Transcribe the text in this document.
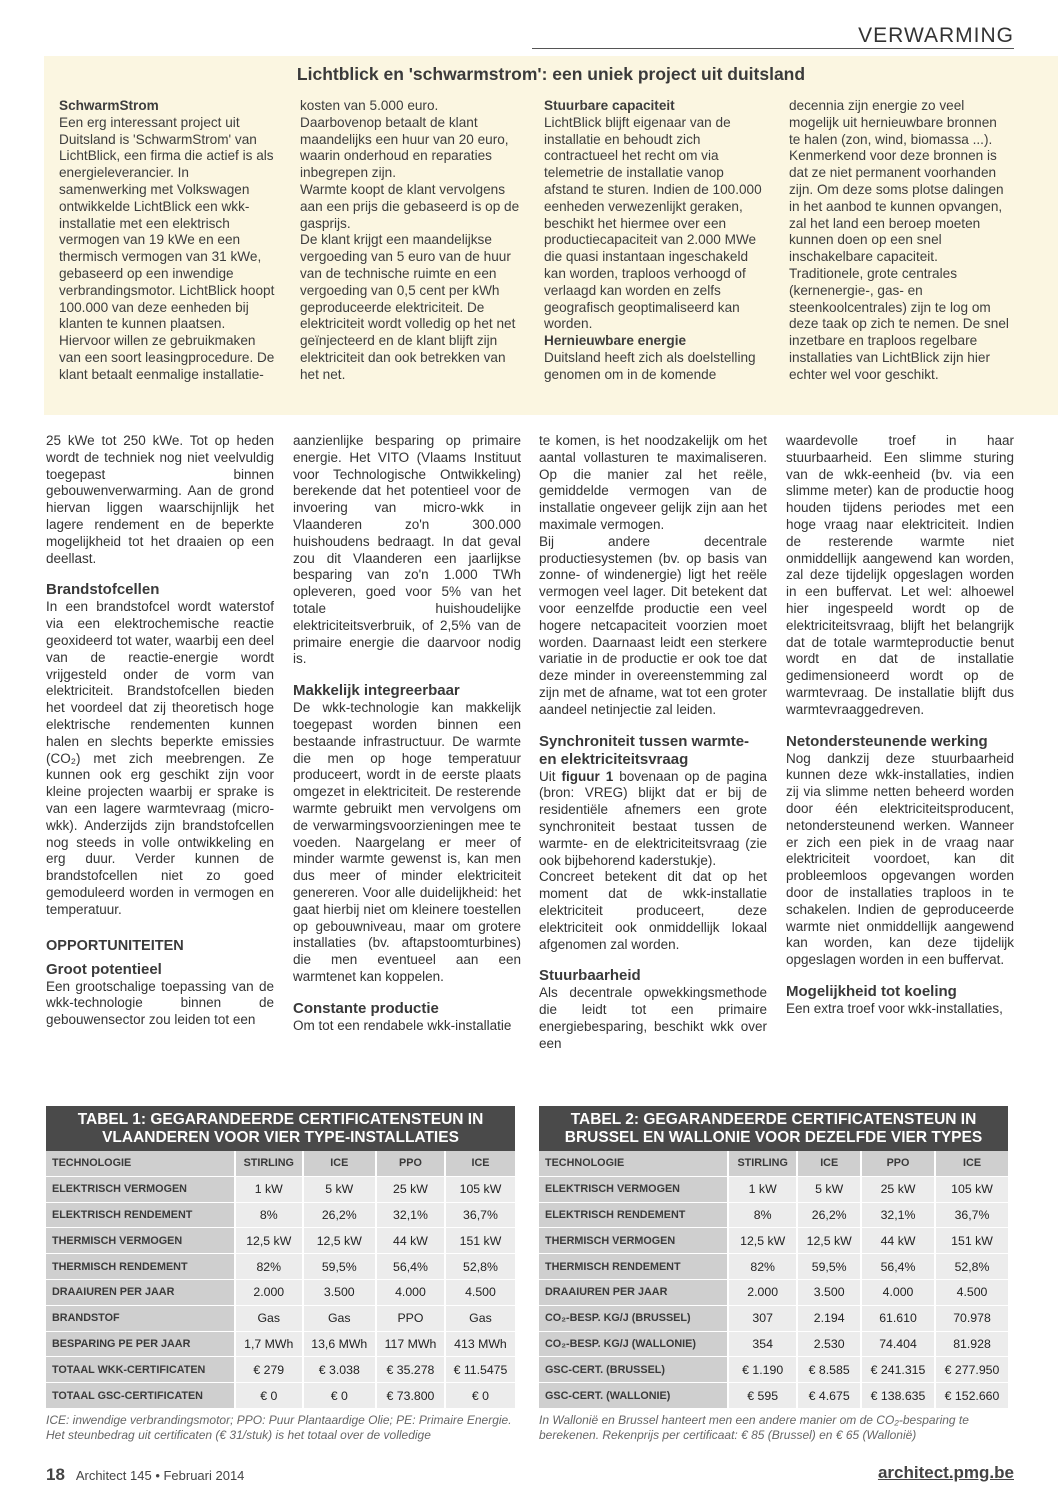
VERWARMING
Lichtblick en 'schwarmstrom': een uniek project uit duitsland

SchwarmStrom

Een erg interessant project uit Duitsland is 'SchwarmStrom' van LichtBlick, een firma die actief is als energieleverancier. In samenwerking met Volkswagen ontwikkelde LichtBlick een wkk-installatie met een elektrisch vermogen van 19 kWe en een thermisch vermogen van 31 kWe, gebaseerd op een inwendige verbrandingsmotor. LichtBlick hoopt 100.000 van deze eenheden bij klanten te kunnen plaatsen. Hiervoor willen ze gebruikmaken van een soort leasingprocedure. De klant betaalt eenmalige installatie-

kosten van 5.000 euro. Daarbovenop betaalt de klant maandelijks een huur van 20 euro, waarin onderhoud en reparaties inbegrepen zijn.

Warmte koopt de klant vervolgens aan een prijs die gebaseerd is op de gasprijs.

De klant krijgt een maandelijkse vergoeding van 5 euro van de huur van de technische ruimte en een vergoeding van 0,5 cent per kWh geproduceerde elektriciteit. De elektriciteit wordt volledig op het net geïnjecteerd en de klant blijft zijn elektriciteit dan ook betrekken van het net.

Stuurbare capaciteit

LichtBlick blijft eigenaar van de installatie en behoudt zich contractueel het recht om via telemetrie de installatie vanop afstand te sturen. Indien de 100.000 eenheden verwezenlijkt geraken, beschikt het hiermee over een productiecapaciteit van 2.000 MWe die quasi instantaan ingeschakeld kan worden, traploos verhoogd of verlaagd kan worden en zelfs geografisch geoptimaliseerd kan worden.

Hernieuwbare energie

Duitsland heeft zich als doelstelling genomen om in de komende

decennia zijn energie zo veel mogelijk uit hernieuwbare bronnen te halen (zon, wind, biomassa ...). Kenmerkend voor deze bronnen is dat ze niet permanent voorhanden zijn. Om deze soms plotse dalingen in het aanbod te kunnen opvangen, zal het land een beroep moeten kunnen doen op een snel inschakelbare capaciteit. Traditionele, grote centrales (kernenergie-, gas- en steenkoolcentrales) zijn te log om deze taak op zich te nemen. De snel inzetbare en traploos regelbare installaties van LichtBlick zijn hier echter wel voor geschikt.

25 kWe tot 250 kWe. Tot op heden wordt de techniek nog niet veelvuldig toegepast binnen gebouwenverwarming. Aan de grond hiervan liggen waarschijnlijk het lagere rendement en de beperkte mogelijkheid tot het draaien op een deellast.

Brandstofcellen

In een brandstofcel wordt waterstof via een elektrochemische reactie geoxideerd tot water, waarbij een deel van de reactie-energie wordt vrijgesteld onder de vorm van elektriciteit. Brandstofcellen bieden het voordeel dat zij theoretisch hoge elektrische rendementen kunnen halen en slechts beperkte emissies (CO₂) met zich meebrengen. Ze kunnen ook erg geschikt zijn voor kleine projecten waarbij er sprake is van een lagere warmtevraag (micro-wkk). Anderzijds zijn brandstofcellen nog steeds in volle ontwikkeling en erg duur. Verder kunnen de brandstofcellen niet zo goed gemoduleerd worden in vermogen en temperatuur.

OPPORTUNITEITEN
Groot potentieel

Een grootschalige toepassing van de wkk-technologie binnen de gebouwensector zou leiden tot een

aanzienlijke besparing op primaire energie. Het VITO (Vlaams Instituut voor Technologische Ontwikkeling) berekende dat het potentieel voor de invoering van micro-wkk in Vlaanderen zo'n 300.000 huishoudens bedraagt. In dat geval zou dit Vlaanderen een jaarlijkse besparing van zo'n 1.000 TWh opleveren, goed voor 5% van het totale huishoudelijke elektriciteitsverbruik, of 2,5% van de primaire energie die daarvoor nodig is.

Makkelijk integreerbaar

De wkk-technologie kan makkelijk toegepast worden binnen een bestaande infrastructuur. De warmte die men op hoge temperatuur produceert, wordt in de eerste plaats omgezet in elektriciteit. De resterende warmte gebruikt men vervolgens om de verwarmingsvoorzieningen mee te voeden. Naargelang er meer of minder warmte gewenst is, kan men dus meer of minder elektriciteit genereren. Voor alle duidelijkheid: het gaat hierbij niet om kleinere toestellen op gebouwniveau, maar om grotere installaties (bv. aftapstoomturbines) die men eventueel aan een warmtenet kan koppelen.

Constante productie

Om tot een rendabele wkk-installatie

te komen, is het noodzakelijk om het aantal vollasturen te maximaliseren. Op die manier zal het reële, gemiddelde vermogen van de installatie ongeveer gelijk zijn aan het maximale vermogen.

Bij andere decentrale productiesystemen (bv. op basis van zonne- of windenergie) ligt het reële vermogen veel lager. Dit betekent dat voor eenzelfde productie een veel hogere netcapaciteit voorzien moet worden. Daarnaast leidt een sterkere variatie in de productie er ook toe dat deze minder in overeenstemming zal zijn met de afname, wat tot een groter aandeel netinjectie zal leiden.

Synchroniteit tussen warmte- en elektriciteitsvraag

Uit figuur 1 bovenaan op de pagina (bron: VREG) blijkt dat er bij de residentiële afnemers een grote synchroniteit bestaat tussen de warmte- en de elektriciteitsvraag (zie ook bijbehorend kaderstukje).

Concreet betekent dit dat op het moment dat de wkk-installatie elektriciteit produceert, deze elektriciteit ook onmiddellijk lokaal afgenomen zal worden.

Stuurbaarheid

Als decentrale opwekkingsmethode die leidt tot een primaire energiebesparing, beschikt wkk over een

waardevolle troef in haar stuurbaarheid. Een slimme sturing van de wkk-eenheid (bv. via een slimme meter) kan de productie hoog houden tijdens periodes met een hoge vraag naar elektriciteit. Indien de resterende warmte niet onmiddellijk aangewend kan worden, zal deze tijdelijk opgeslagen worden in een buffervat. Let wel: alhoewel hier ingespeeld wordt op de elektriciteitsvraag, blijft het belangrijk dat de totale warmteproductie benut wordt en dat de installatie gedimensioneerd wordt op de warmtevraag. De installatie blijft dus warmtevraaggedreven.

Netondersteunende werking

Nog dankzij deze stuurbaarheid kunnen deze wkk-installaties, indien zij via slimme netten beheerd worden door één elektriciteitsproducent, netondersteunend werken. Wanneer er zich een piek in de vraag naar elektriciteit voordoet, kan dit probleemloos opgevangen worden door de installaties traploos in te schakelen. Indien de geproduceerde warmte niet onmiddellijk aangewend kan worden, kan deze tijdelijk opgeslagen worden in een buffervat.

Mogelijkheid tot koeling

Een extra troef voor wkk-installaties,

TABEL 1: GEGARANDEERDE CERTIFICATENSTEUN IN VLAANDEREN VOOR VIER TYPE-INSTALLATIES
TECHNOLOGIE	STIRLING	ICE	PPO	ICE
ELEKTRISCH VERMOGEN	1 kW	5 kW	25 kW	105 kW
ELEKTRISCH RENDEMENT	8%	26,2%	32,1%	36,7%
THERMISCH VERMOGEN	12,5 kW	12,5 kW	44 kW	151 kW
THERMISCH RENDEMENT	82%	59,5%	56,4%	52,8%
DRAAIUREN PER JAAR	2.000	3.500	4.000	4.500
BRANDSTOF	Gas	Gas	PPO	Gas
BESPARING PE PER JAAR	1,7 MWh	13,6 MWh	117 MWh	413 MWh
TOTAAL WKK-CERTIFICATEN	€ 279	€ 3.038	€ 35.278	€ 11.5475
TOTAAL GSC-CERTIFICATEN	€ 0	€ 0	€ 73.800	€ 0
ICE: inwendige verbrandingsmotor; PPO: Puur Plantaardige Olie; PE: Primaire Energie. Het steunbedrag uit certificaten (€ 31/stuk) is het totaal over de volledige
TABEL 2: GEGARANDEERDE CERTIFICATENSTEUN IN BRUSSEL EN WALLONIE VOOR DEZELFDE VIER TYPES
TECHNOLOGIE	STIRLING	ICE	PPO	ICE
ELEKTRISCH VERMOGEN	1 kW	5 kW	25 kW	105 kW
ELEKTRISCH RENDEMENT	8%	26,2%	32,1%	36,7%
THERMISCH VERMOGEN	12,5 kW	12,5 kW	44 kW	151 kW
THERMISCH RENDEMENT	82%	59,5%	56,4%	52,8%
DRAAIUREN PER JAAR	2.000	3.500	4.000	4.500
CO₂-BESP. KG/J (BRUSSEL)	307	2.194	61.610	70.978
CO₂-BESP. KG/J (WALLONIE)	354	2.530	74.404	81.928
GSC-CERT. (BRUSSEL)	€ 1.190	€ 8.585	€ 241.315	€ 277.950
GSC-CERT. (WALLONIE)	€ 595	€ 4.675	€ 138.635	€ 152.660
In Wallonië en Brussel hanteert men een andere manier om de CO₂-besparing te berekenen. Rekenprijs per certificaat: € 85 (Brussel) en € 65 (Wallonië)
18 Architect 145 • Februari 2014	architect.pmg.be
